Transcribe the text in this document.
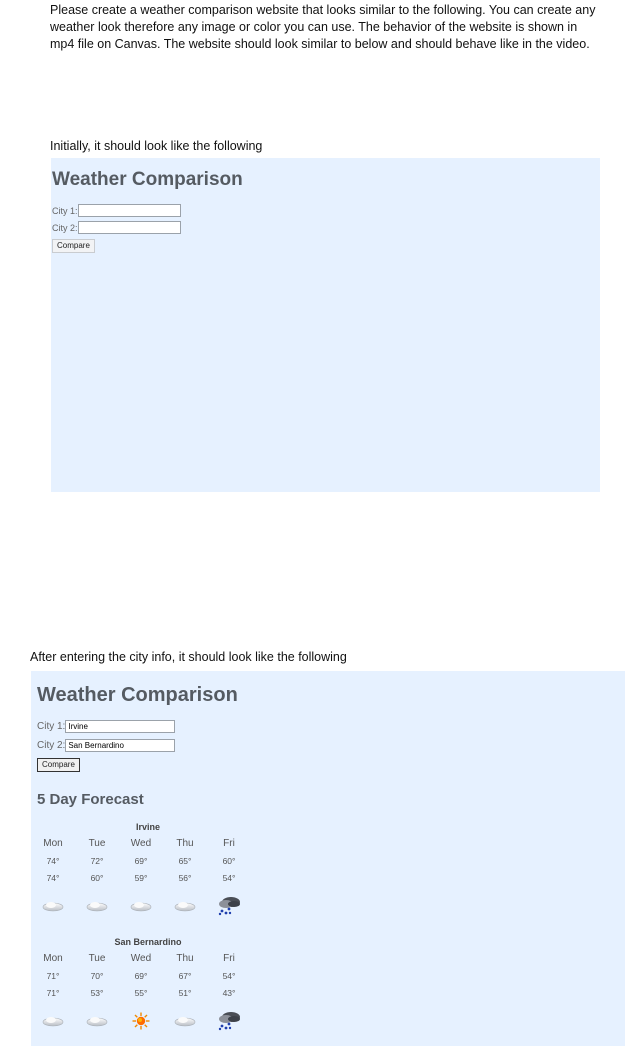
Please create a weather comparison website that looks similar to the following. You can create any weather look therefore any image or color you can use. The behavior of the website is shown in mp4 file on Canvas. The website should look similar to below and should behave like in the video.

Initially, it should look like the following

Weather Comparison
City 1:
City 2:
Compare

After entering the city info, it should look like the following

Weather Comparison
City 1: Irvine
City 2: San Bernardino
Compare
5 Day Forecast
Irvine
Mon	Tue	Wed	Thu	Fri
74°	72°	69°	65°	60°
74°	60°	59°	56°	54°
San Bernardino
Mon	Tue	Wed	Thu	Fri
71°	70°	69°	67°	54°
71°	53°	55°	51°	43°
